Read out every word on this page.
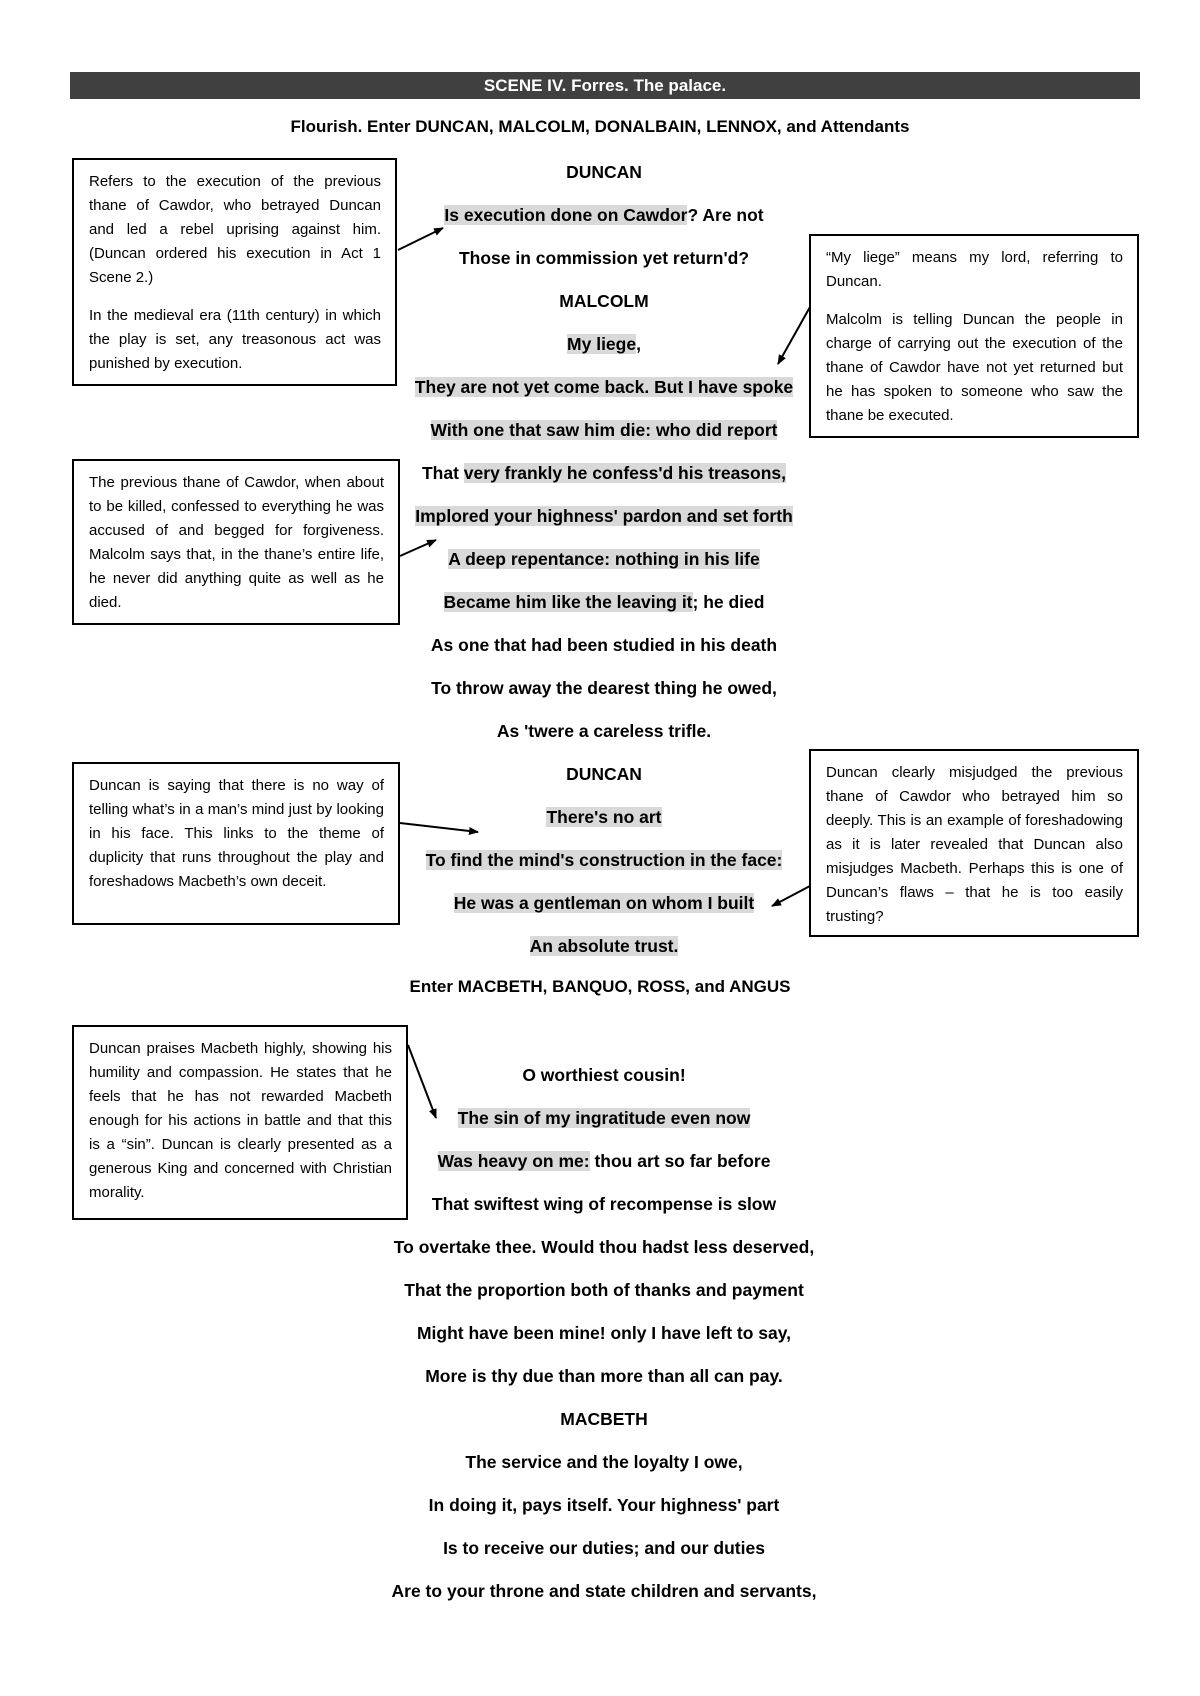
SCENE IV. Forres. The palace.
Flourish. Enter DUNCAN, MALCOLM, DONALBAIN, LENNOX, and Attendants
DUNCAN
Is execution done on Cawdor? Are not
Those in commission yet return'd?
MALCOLM
My liege,
They are not yet come back. But I have spoke
With one that saw him die: who did report
That very frankly he confess'd his treasons,
Implored your highness' pardon and set forth
A deep repentance: nothing in his life
Became him like the leaving it; he died
As one that had been studied in his death
To throw away the dearest thing he owed,
As 'twere a careless trifle.
DUNCAN
There's no art
To find the mind's construction in the face:
He was a gentleman on whom I built
An absolute trust.
O worthiest cousin!
The sin of my ingratitude even now
Was heavy on me: thou art so far before
That swiftest wing of recompense is slow
To overtake thee. Would thou hadst less deserved,
That the proportion both of thanks and payment
Might have been mine! only I have left to say,
More is thy due than more than all can pay.
MACBETH
The service and the loyalty I owe,
In doing it, pays itself. Your highness' part
Is to receive our duties; and our duties
Are to your throne and state children and servants,
Enter MACBETH, BANQUO, ROSS, and ANGUS

Refers to the execution of the previous thane of Cawdor, who betrayed Duncan and led a rebel uprising against him. (Duncan ordered his execution in Act 1 Scene 2.)

In the medieval era (11th century) in which the play is set, any treasonous act was punished by execution.

“My liege” means my lord, referring to Duncan.

Malcolm is telling Duncan the people in charge of carrying out the execution of the thane of Cawdor have not yet returned but he has spoken to someone who saw the thane be executed.

The previous thane of Cawdor, when about to be killed, confessed to everything he was accused of and begged for forgiveness. Malcolm says that, in the thane’s entire life, he never did anything quite as well as he died.

Duncan is saying that there is no way of telling what’s in a man’s mind just by looking in his face. This links to the theme of duplicity that runs throughout the play and foreshadows Macbeth’s own deceit.

Duncan clearly misjudged the previous thane of Cawdor who betrayed him so deeply. This is an example of foreshadowing as it is later revealed that Duncan also misjudges Macbeth. Perhaps this is one of Duncan’s flaws – that he is too easily trusting?

Duncan praises Macbeth highly, showing his humility and compassion. He states that he feels that he has not rewarded Macbeth enough for his actions in battle and that this is a “sin”. Duncan is clearly presented as a generous King and concerned with Christian morality.
